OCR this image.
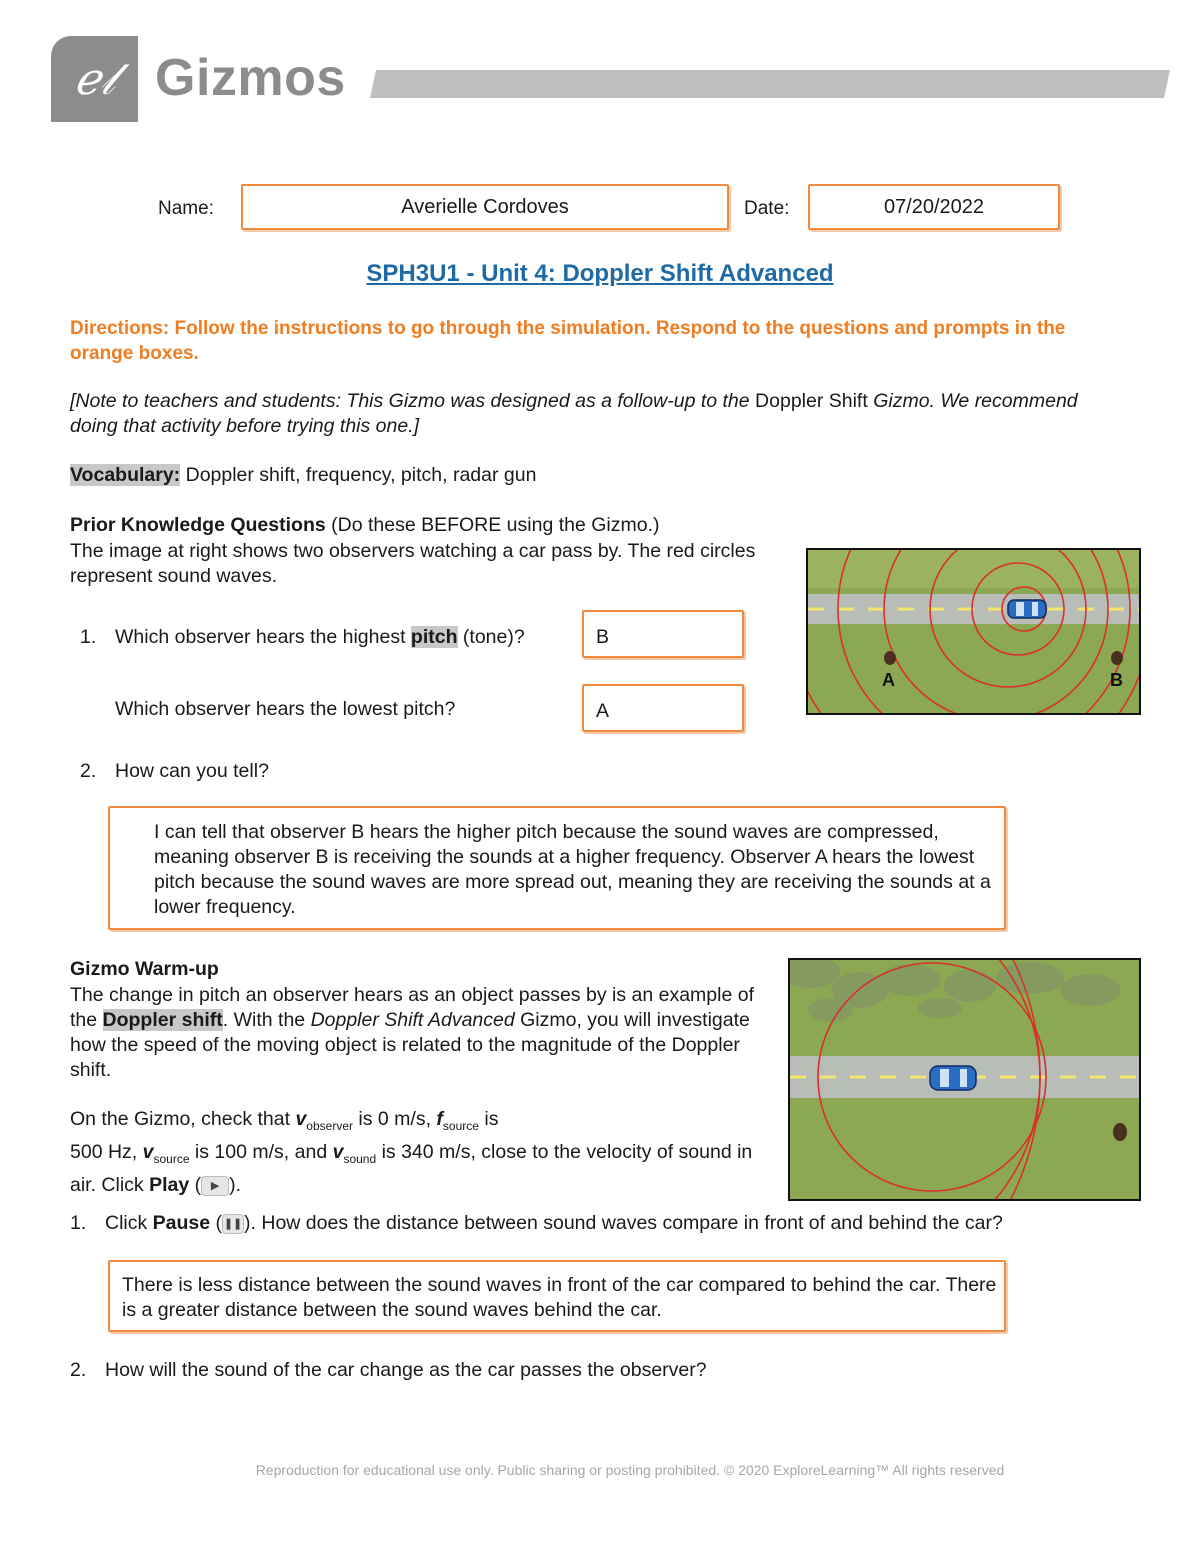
ℯ𝓁 Gizmos
Name:	Averielle Cordoves	Date:	07/20/2022
SPH3U1 - Unit 4: Doppler Shift Advanced
Directions: Follow the instructions to go through the simulation. Respond to the questions and prompts in the orange boxes.
[Note to teachers and students: This Gizmo was designed as a follow-up to the Doppler Shift Gizmo. We recommend doing that activity before trying this one.]
Vocabulary: Doppler shift, frequency, pitch, radar gun
Prior Knowledge Questions (Do these BEFORE using the Gizmo.)
The image at right shows two observers watching a car pass by. The red circles represent sound waves.
1. Which observer hears the highest pitch (tone)?	B
Which observer hears the lowest pitch?	A
2. How can you tell?
I can tell that observer B hears the higher pitch because the sound waves are compressed, meaning observer B is receiving the sounds at a higher frequency. Observer A hears the lowest pitch because the sound waves are more spread out, meaning they are receiving the sounds at a lower frequency.
A	B
Gizmo Warm-up
The change in pitch an observer hears as an object passes by is an example of the Doppler shift. With the Doppler Shift Advanced Gizmo, you will investigate how the speed of the moving object is related to the magnitude of the Doppler shift.
On the Gizmo, check that $v_{observer}$ is 0 m/s, $f_{source}$ is
500 Hz, $v_{source}$ is 100 m/s, and $v_{sound}$ is 340 m/s, close to the velocity of sound in air. Click Play ( ▶ ).
1. Click Pause ( ❚❚). How does the distance between sound waves compare in front of and behind the car?
There is less distance between the sound waves in front of the car compared to behind the car. There is a greater distance between the sound waves behind the car.
2. How will the sound of the car change as the car passes the observer?
Reproduction for educational use only. Public sharing or posting prohibited. © 2020 ExploreLearning™ All rights reserved
